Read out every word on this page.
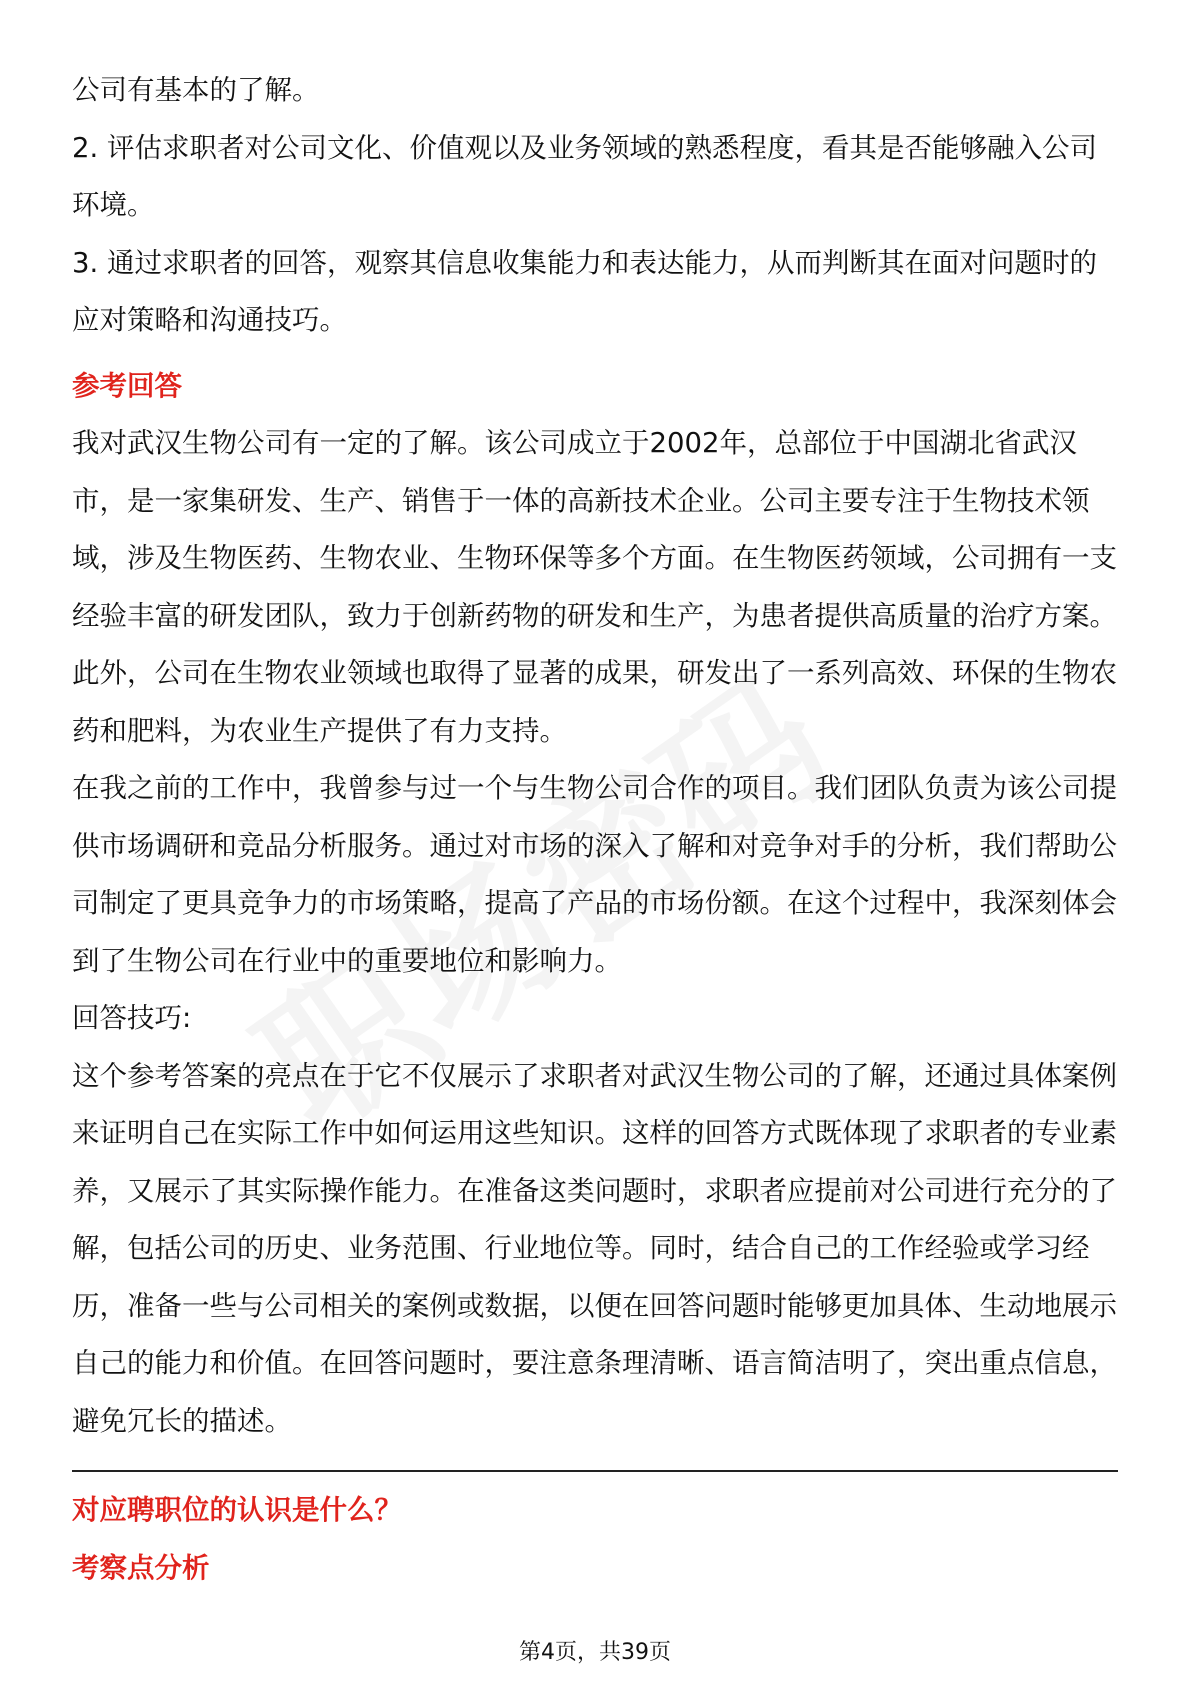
公司有基本的了解。

2. 评估求职者对公司文化、价值观以及业务领域的熟悉程度，看其是否能够融入公司环境。

3. 通过求职者的回答，观察其信息收集能力和表达能力，从而判断其在面对问题时的应对策略和沟通技巧。

参考回答

我对武汉生物公司有一定的了解。该公司成立于2002年，总部位于中国湖北省武汉市，是一家集研发、生产、销售于一体的高新技术企业。公司主要专注于生物技术领域，涉及生物医药、生物农业、生物环保等多个方面。在生物医药领域，公司拥有一支经验丰富的研发团队，致力于创新药物的研发和生产，为患者提供高质量的治疗方案。此外，公司在生物农业领域也取得了显著的成果，研发出了一系列高效、环保的生物农药和肥料，为农业生产提供了有力支持。

在我之前的工作中，我曾参与过一个与生物公司合作的项目。我们团队负责为该公司提供市场调研和竞品分析服务。通过对市场的深入了解和对竞争对手的分析，我们帮助公司制定了更具竞争力的市场策略，提高了产品的市场份额。在这个过程中，我深刻体会到了生物公司在行业中的重要地位和影响力。

回答技巧:

这个参考答案的亮点在于它不仅展示了求职者对武汉生物公司的了解，还通过具体案例来证明自己在实际工作中如何运用这些知识。这样的回答方式既体现了求职者的专业素养，又展示了其实际操作能力。在准备这类问题时，求职者应提前对公司进行充分的了解，包括公司的历史、业务范围、行业地位等。同时，结合自己的工作经验或学习经历，准备一些与公司相关的案例或数据，以便在回答问题时能够更加具体、生动地展示自己的能力和价值。在回答问题时，要注意条理清晰、语言简洁明了，突出重点信息，避免冗长的描述。

对应聘职位的认识是什么？

考察点分析

第4页，共39页
